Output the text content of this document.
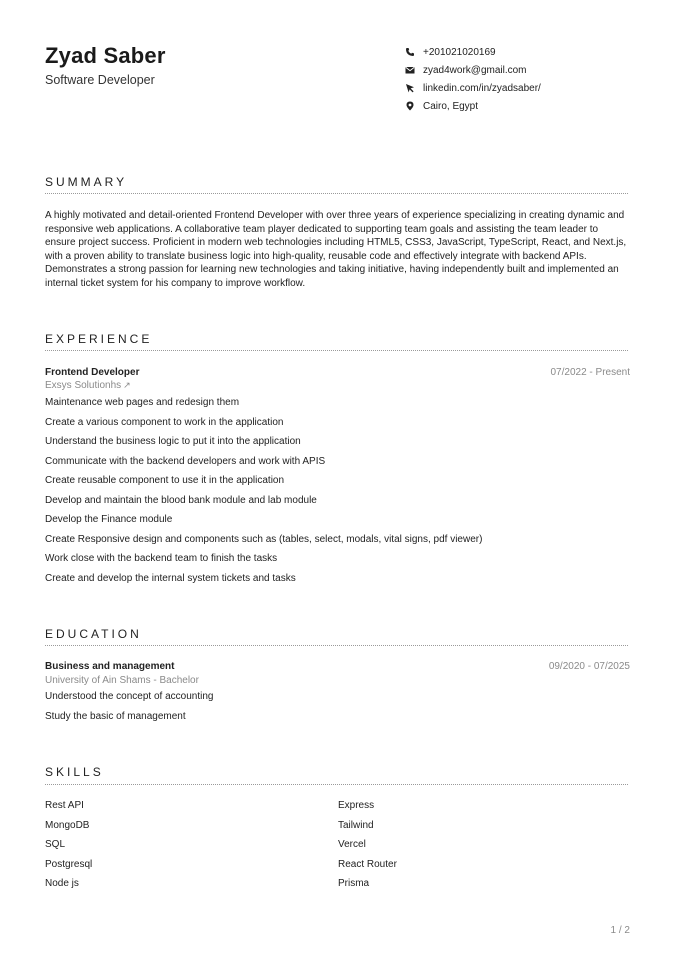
Zyad Saber
Software Developer
+201021020169
zyad4work@gmail.com
linkedin.com/in/zyadsaber/
Cairo, Egypt
SUMMARY
A highly motivated and detail-oriented Frontend Developer with over three years of experience specializing in creating dynamic and responsive web applications. A collaborative team player dedicated to supporting team goals and assisting the team leader to ensure project success. Proficient in modern web technologies including HTML5, CSS3, JavaScript, TypeScript, React, and Next.js, with a proven ability to translate business logic into high-quality, reusable code and effectively integrate with backend APIs. Demonstrates a strong passion for learning new technologies and taking initiative, having independently built and implemented an internal ticket system for his company to improve workflow.
EXPERIENCE
Frontend Developer	07/2022 - Present
Exsys Solutionhs ↗
Maintenance web pages and redesign them
Create a various component to work in the application
Understand the business logic to put it into the application
Communicate with the backend developers and work with APIS
Create reusable component to use it in the application
Develop and maintain the blood bank module and lab module
Develop the Finance module
Create Responsive design and components such as (tables, select, modals, vital signs, pdf viewer)
Work close with the backend team to finish the tasks
Create and develop the internal system tickets and tasks
EDUCATION
Business and management	09/2020 - 07/2025
University of Ain Shams - Bachelor
Understood the concept of accounting
Study the basic of management
SKILLS
Rest API
MongoDB
SQL
Postgresql
Node js
Express
Tailwind
Vercel
React Router
Prisma
1 / 2
